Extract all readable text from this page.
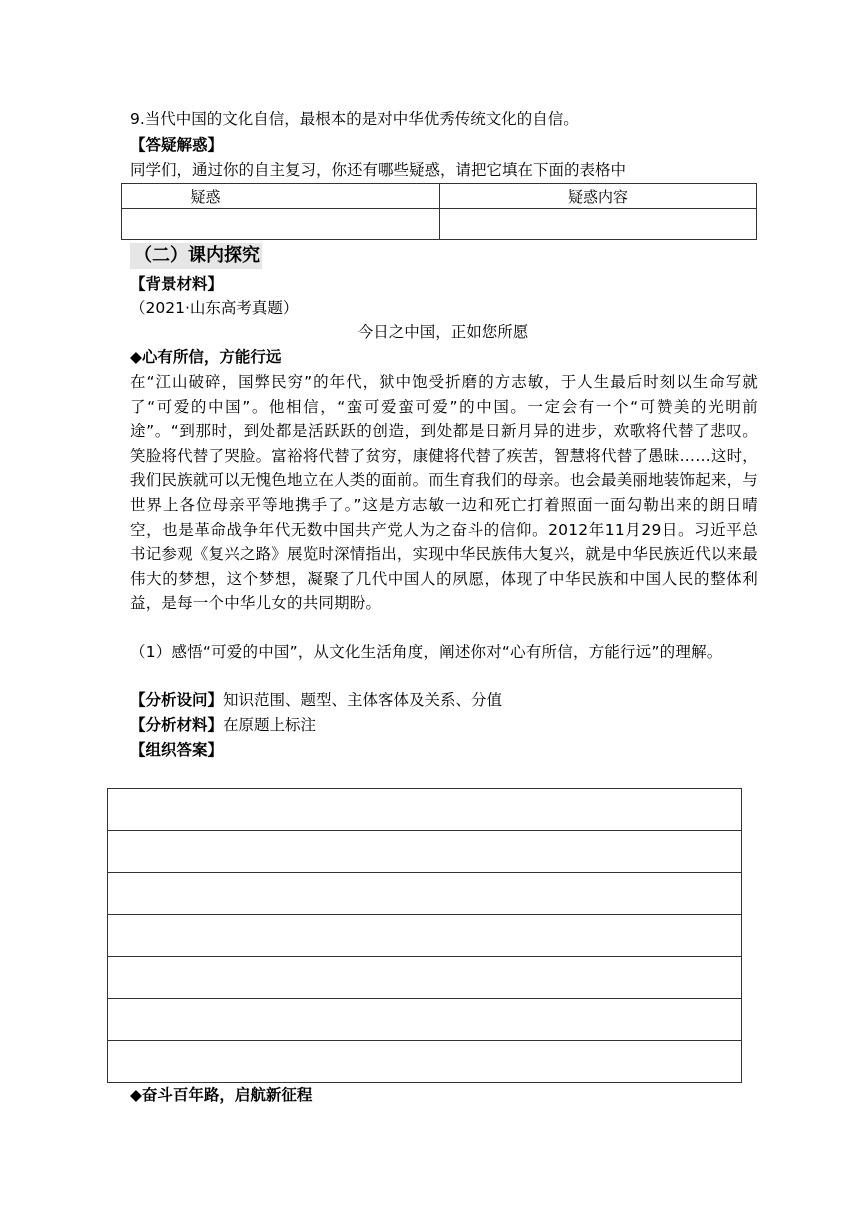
9.当代中国的文化自信，最根本的是对中华优秀传统文化的自信。
【答疑解惑】
同学们，通过你的自主复习，你还有哪些疑惑，请把它填在下面的表格中
疑惑	疑惑内容

（二）课内探究
【背景材料】
（2021·山东高考真题）
今日之中国，正如您所愿
◆心有所信，方能行远
在“江山破碎，国弊民穷”的年代，狱中饱受折磨的方志敏，于人生最后时刻以生命写就了“可爱的中国”。他相信，“蛮可爱蛮可爱”的中国。一定会有一个“可赞美的光明前途”。“到那时，到处都是活跃跃的创造，到处都是日新月异的进步，欢歌将代替了悲叹。笑脸将代替了哭脸。富裕将代替了贫穷，康健将代替了疾苦，智慧将代替了愚昧……这时，我们民族就可以无愧色地立在人类的面前。而生育我们的母亲。也会最美丽地装饰起来，与世界上各位母亲平等地携手了。”这是方志敏一边和死亡打着照面一面勾勒出来的朗日晴空，也是革命战争年代无数中国共产党人为之奋斗的信仰。2012年11月29日。习近平总书记参观《复兴之路》展览时深情指出，实现中华民族伟大复兴，就是中华民族近代以来最伟大的梦想，这个梦想，凝聚了几代中国人的夙愿，体现了中华民族和中国人民的整体利益，是每一个中华儿女的共同期盼。
（1）感悟“可爱的中国”，从文化生活角度，阐述你对“心有所信，方能行远”的理解。
【分析设问】知识范围、题型、主体客体及关系、分值
【分析材料】在原题上标注
【组织答案】
◆奋斗百年路，启航新征程
